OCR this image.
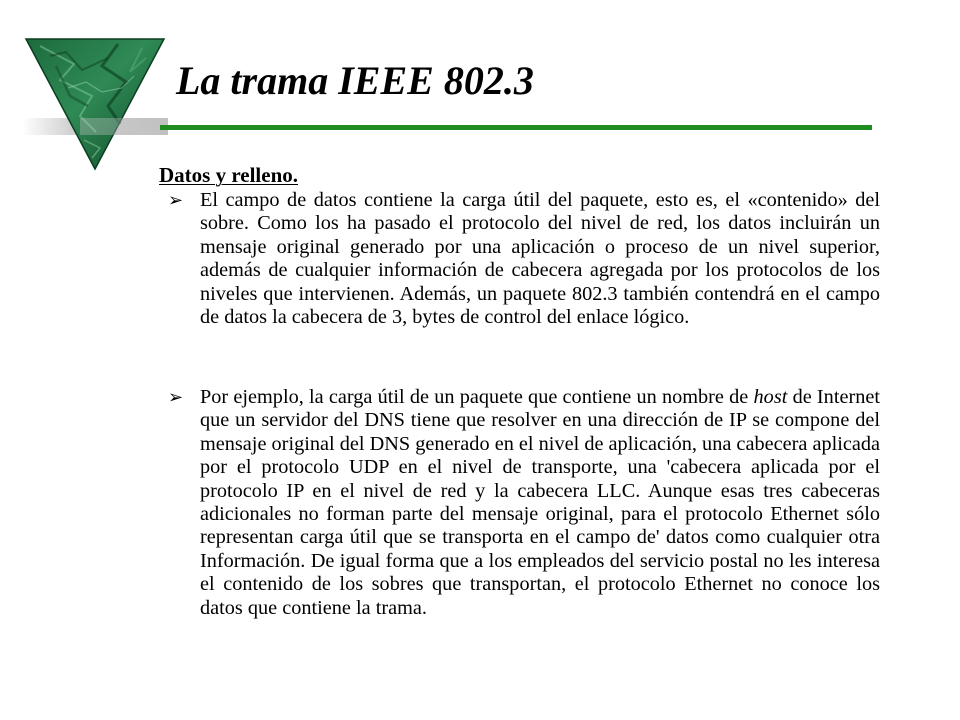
La trama IEEE 802.3
Datos y relleno.
➢ El campo de datos contiene la carga útil del paquete, esto es, el «contenido» del sobre. Como los ha pasado el protocolo del nivel de red, los datos incluirán un mensaje original generado por una aplicación o proceso de un nivel superior, además de cualquier información de cabecera agregada por los protocolos de los niveles que intervienen. Además, un paquete 802.3 también contendrá en el campo de datos la cabecera de 3, bytes de control del enlace lógico.

➢ Por ejemplo, la carga útil de un paquete que contiene un nombre de host de Internet que un servidor del DNS tiene que resolver en una dirección de IP se compone del mensaje original del DNS generado en el nivel de aplicación, una cabecera aplicada por el protocolo UDP en el nivel de transporte, una 'cabecera aplicada por el protocolo IP en el nivel de red y la cabecera LLC. Aunque esas tres cabeceras adicionales no forman parte del mensaje original, para el protocolo Ethernet sólo representan carga útil que se transporta en el campo de' datos como cualquier otra Información. De igual forma que a los empleados del servicio postal no les interesa el contenido de los sobres que transportan, el protocolo Ethernet no conoce los datos que contiene la trama.
